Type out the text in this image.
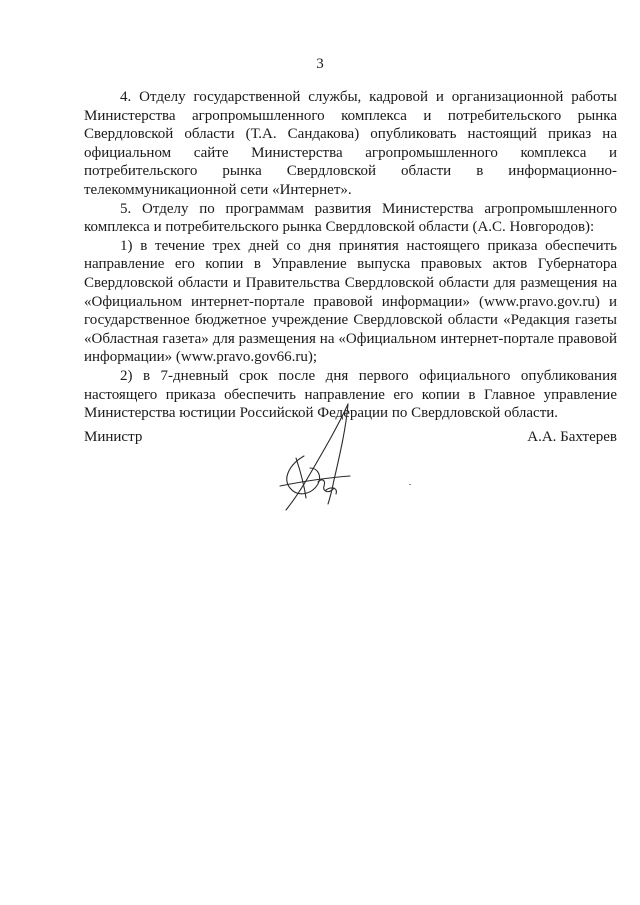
3

4. Отделу государственной службы, кадровой и организационной работы Министерства агропромышленного комплекса и потребительского рынка Свердловской области (Т.А. Сандакова) опубликовать настоящий приказ на официальном сайте Министерства агропромышленного комплекса и потребительского рынка Свердловской области в информационно-телекоммуникационной сети «Интернет».

5. Отделу по программам развития Министерства агропромышленного комплекса и потребительского рынка Свердловской области (А.С. Новгородов):

1) в течение трех дней со дня принятия настоящего приказа обеспечить направление его копии в Управление выпуска правовых актов Губернатора Свердловской области и Правительства Свердловской области для размещения на «Официальном интернет-портале правовой информации» (www.pravo.gov.ru) и государственное бюджетное учреждение Свердловской области «Редакция газеты «Областная газета» для размещения на «Официальном интернет-портале правовой информации» (www.pravo.gov66.ru);

2) в 7-дневный срок после дня первого официального опубликования настоящего приказа обеспечить направление его копии в Главное управление Министерства юстиции Российской Федерации по Свердловской области.

Министр	А.А. Бахтерев
